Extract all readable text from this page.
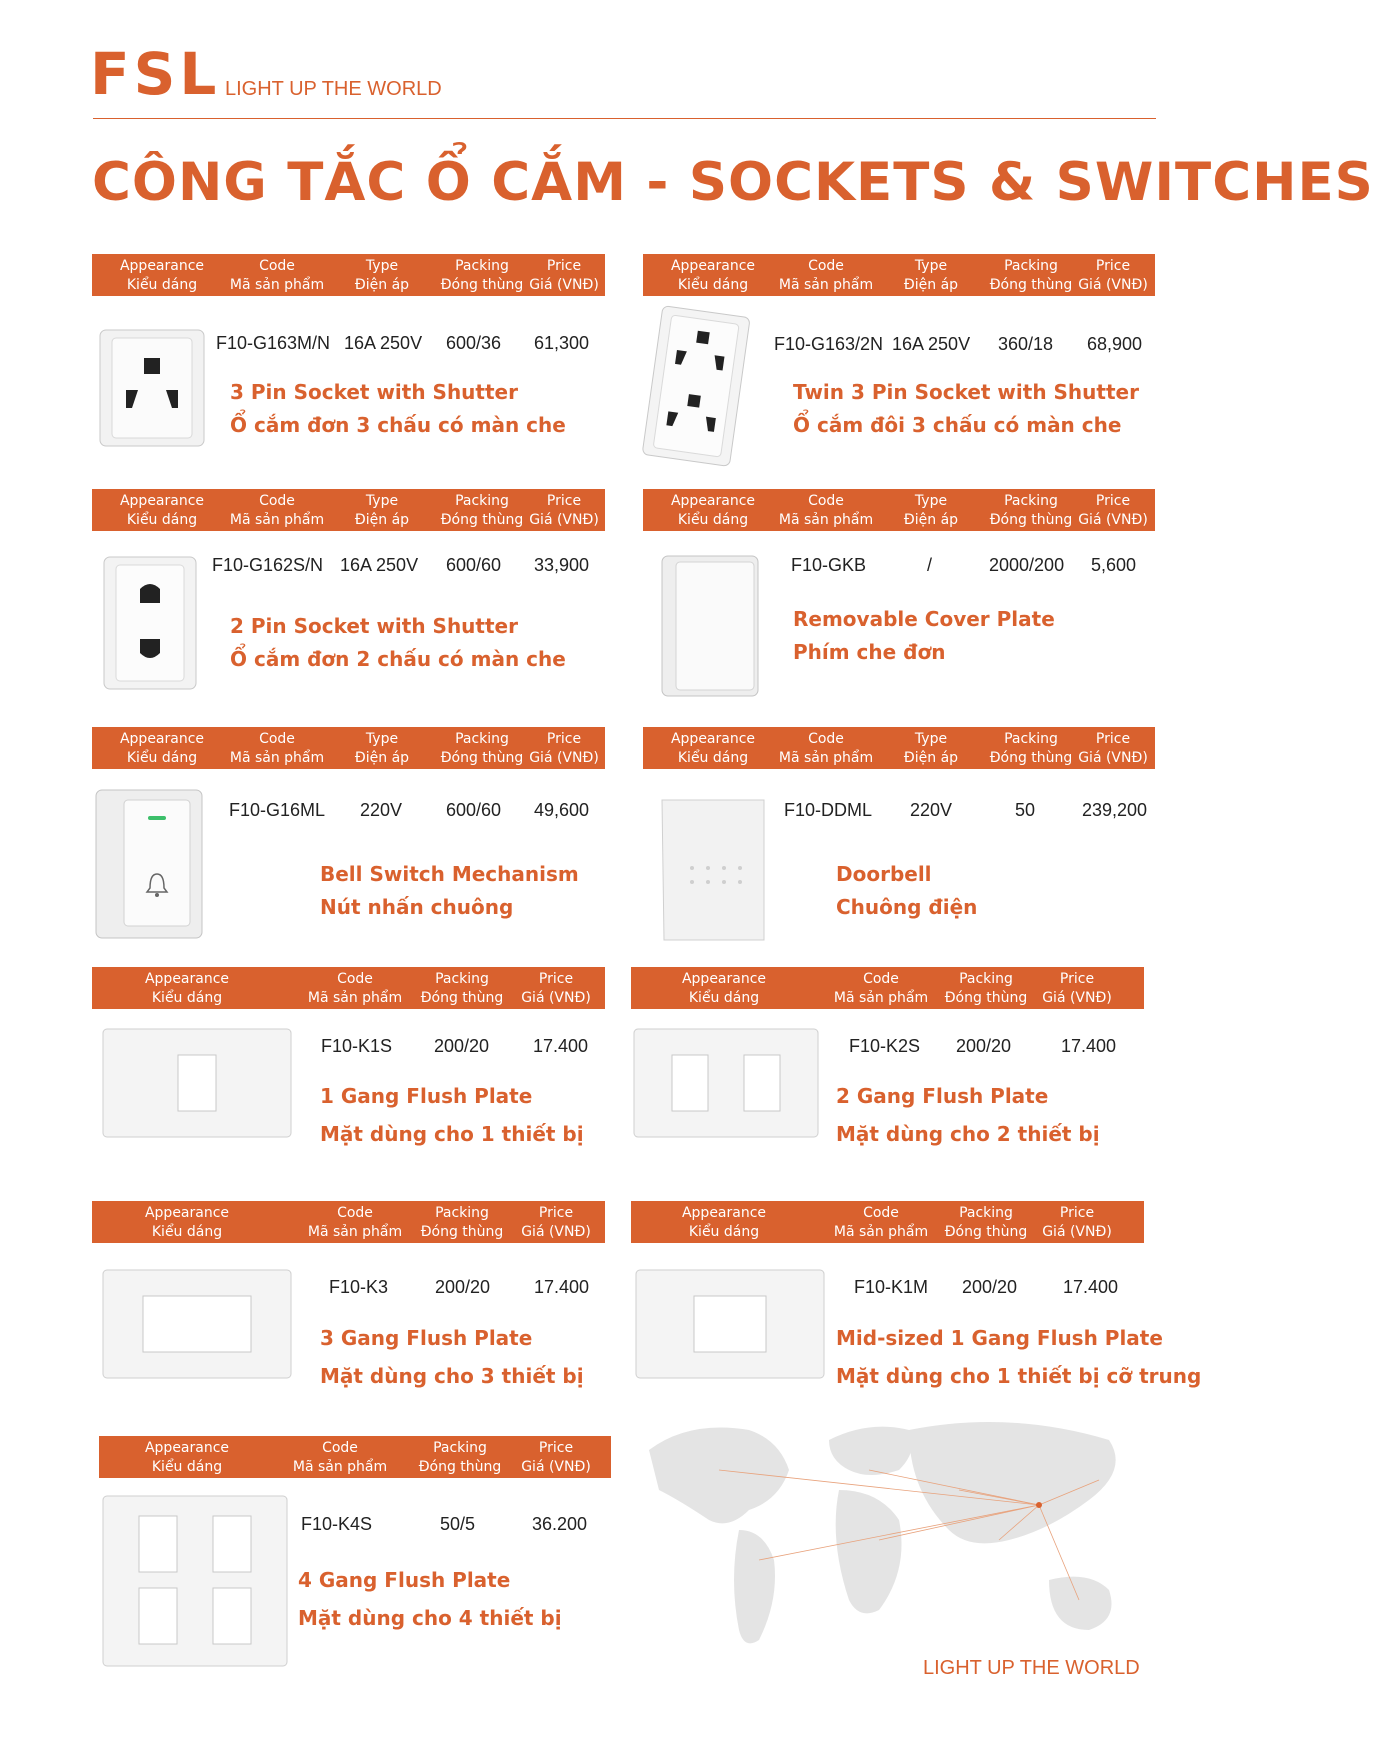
FSL LIGHT UP THE WORLD
CÔNG TẮC Ổ CẮM - SOCKETS & SWITCHES
Appearance
Kiểu dáng
Code
Mã sản phẩm
Type
Điện áp
Packing
Đóng thùng
Price
Giá (VNĐ)
F10-G163M/N 16A 250V 600/36 61,300
3 Pin Socket with Shutter
Ổ cắm đơn 3 chấu có màn che
Appearance
Kiểu dáng
Code
Mã sản phẩm
Type
Điện áp
Packing
Đóng thùng
Price
Giá (VNĐ)
F10-G163/2N 16A 250V 360/18 68,900
Twin 3 Pin Socket with Shutter
Ổ cắm đôi 3 chấu có màn che
Appearance
Kiểu dáng
Code
Mã sản phẩm
Type
Điện áp
Packing
Đóng thùng
Price
Giá (VNĐ)
F10-G162S/N 16A 250V 600/60 33,900
2 Pin Socket with Shutter
Ổ cắm đơn 2 chấu có màn che
Appearance
Kiểu dáng
Code
Mã sản phẩm
Type
Điện áp
Packing
Đóng thùng
Price
Giá (VNĐ)
F10-GKB	/	2000/200 5,600
Removable Cover Plate
Phím che đơn
Appearance
Kiểu dáng
Code
Mã sản phẩm
Type
Điện áp
Packing
Đóng thùng
Price
Giá (VNĐ)
F10-G16ML 220V 600/60 49,600
Bell Switch Mechanism
Nút nhấn chuông
Appearance
Kiểu dáng
Code
Mã sản phẩm
Type
Điện áp
Packing
Đóng thùng
Price
Giá (VNĐ)
F10-DDML 220V	50	239,200
Doorbell
Chuông điện
Appearance
Kiểu dáng
Code
Mã sản phẩm
Packing
Đóng thùng
Price
Giá (VNĐ)
F10-K1S 200/20 17.400
1 Gang Flush Plate
Mặt dùng cho 1 thiết bị
Appearance
Kiểu dáng
Code
Mã sản phẩm
Packing
Đóng thùng
Price
Giá (VNĐ)
F10-K2S 200/20	17.400
2 Gang Flush Plate
Mặt dùng cho 2 thiết bị
Appearance
Kiểu dáng
Code
Mã sản phẩm
Packing
Đóng thùng
Price
Giá (VNĐ)
F10-K3	200/20 17.400
3 Gang Flush Plate
Mặt dùng cho 3 thiết bị
Appearance
Kiểu dáng
Code
Mã sản phẩm
Packing
Đóng thùng
Price
Giá (VNĐ)
F10-K1M 200/20	17.400
Mid-sized 1 Gang Flush Plate
Mặt dùng cho 1 thiết bị cỡ trung
Appearance
Kiểu dáng
Code
Mã sản phẩm
Packing
Đóng thùng
Price
Giá (VNĐ)
F10-K4S	50/5	36.200
4 Gang Flush Plate
Mặt dùng cho 4 thiết bị
LIGHT UP THE WORLD
